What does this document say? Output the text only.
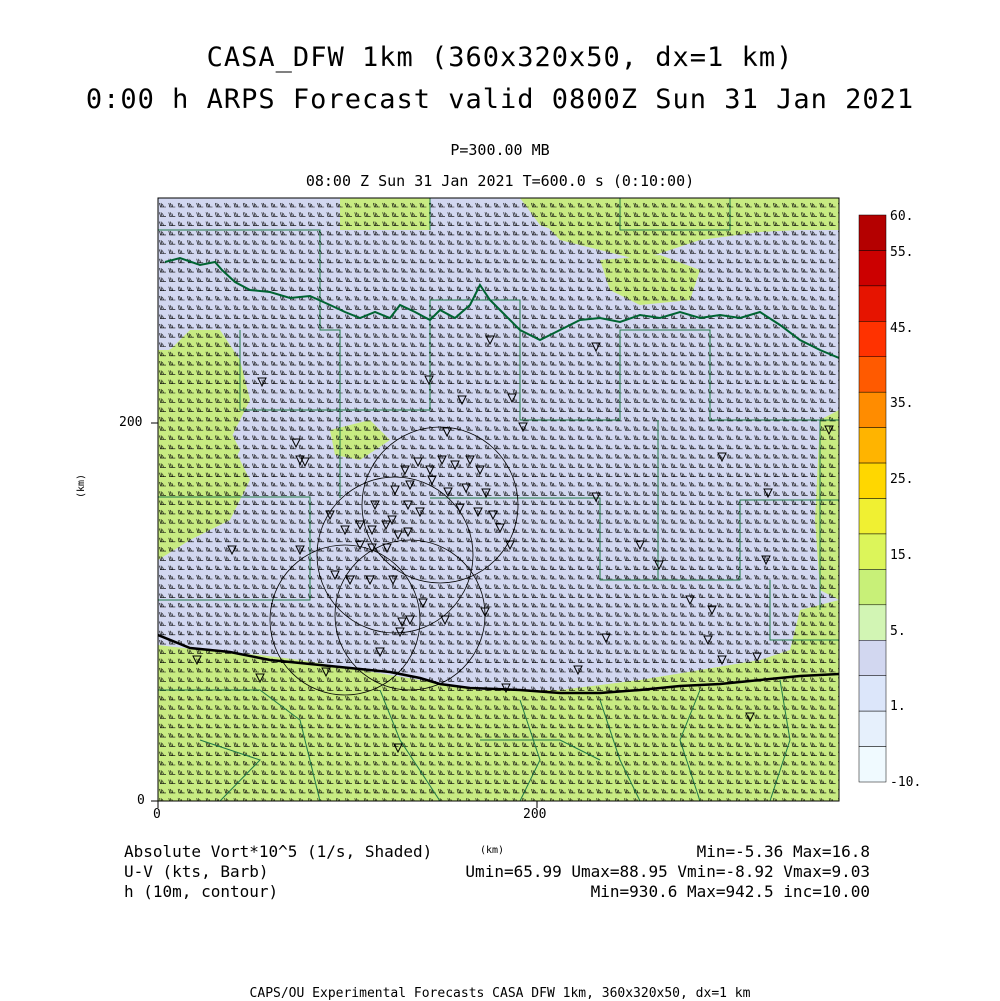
CASA_DFW 1km (360x320x50, dx=1 km)
0:00 h ARPS Forecast valid 0800Z Sun 31 Jan 2021
P=300.00 MB
08:00 Z Sun 31 Jan 2021 T=600.0 s (0:10:00)
0	200
0
200
(km)
(km)
60.
55.
45.
35.
25.
15.
5.
1.
-10.
Absolute Vort*10^5 (1/s, Shaded)	Min=-5.36 Max=16.8
U-V (kts, Barb)	Umin=65.99 Umax=88.95 Vmin=-8.92 Vmax=9.03
h (10m, contour)	Min=930.6 Max=942.5 inc=10.00
CAPS/OU Experimental Forecasts CASA DFW 1km, 360x320x50, dx=1 km
